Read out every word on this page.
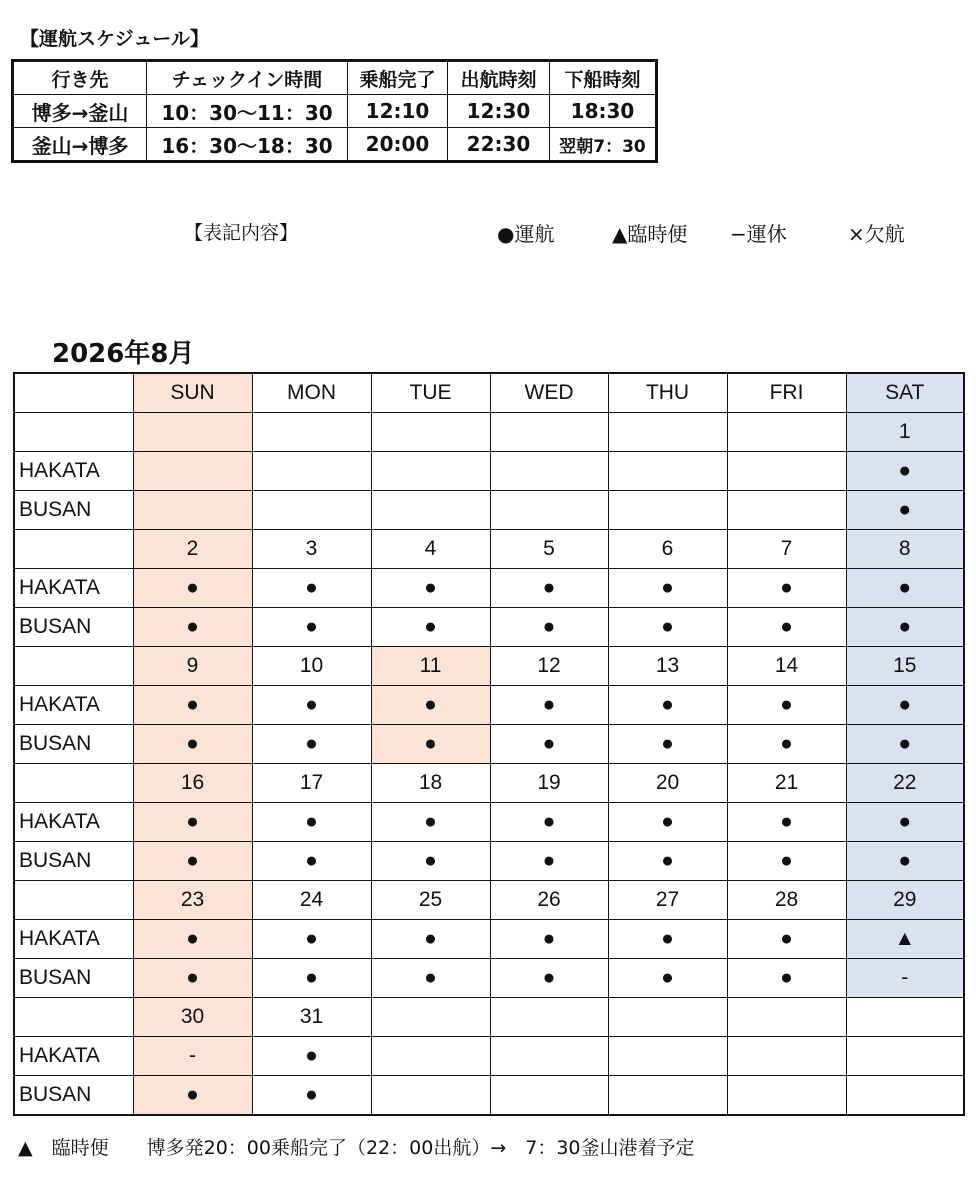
【運航スケジュール】
行き先	チェックイン時間	乗船完了	出航時刻	下船時刻
博多→釜山	10：30～11：30	12:10	12:30	18:30
釜山→博多	16：30～18：30	20:00	22:30	翌朝7：30
【表記内容】	●運航	▲臨時便 −運休	×欠航
2026年8月
	SUN	MON	TUE	WED	THU	FRI	SAT
							1
HAKATA							●
BUSAN							●
	2	3	4	5	6	7	8
HAKATA	●	●	●	●	●	●	●
BUSAN	●	●	●	●	●	●	●
	9	10	11	12	13	14	15
HAKATA	●	●	●	●	●	●	●
BUSAN	●	●	●	●	●	●	●
	16	17	18	19	20	21	22
HAKATA	●	●	●	●	●	●	●
BUSAN	●	●	●	●	●	●	●
	23	24	25	26	27	28	29
HAKATA	●	●	●	●	●	●	▲
BUSAN	●	●	●	●	●	●	-
	30	31					
HAKATA	-	●					
BUSAN	●	●					
▲　臨時便　　博多発20：00乗船完了（22：00出航）→　7：30釜山港着予定
